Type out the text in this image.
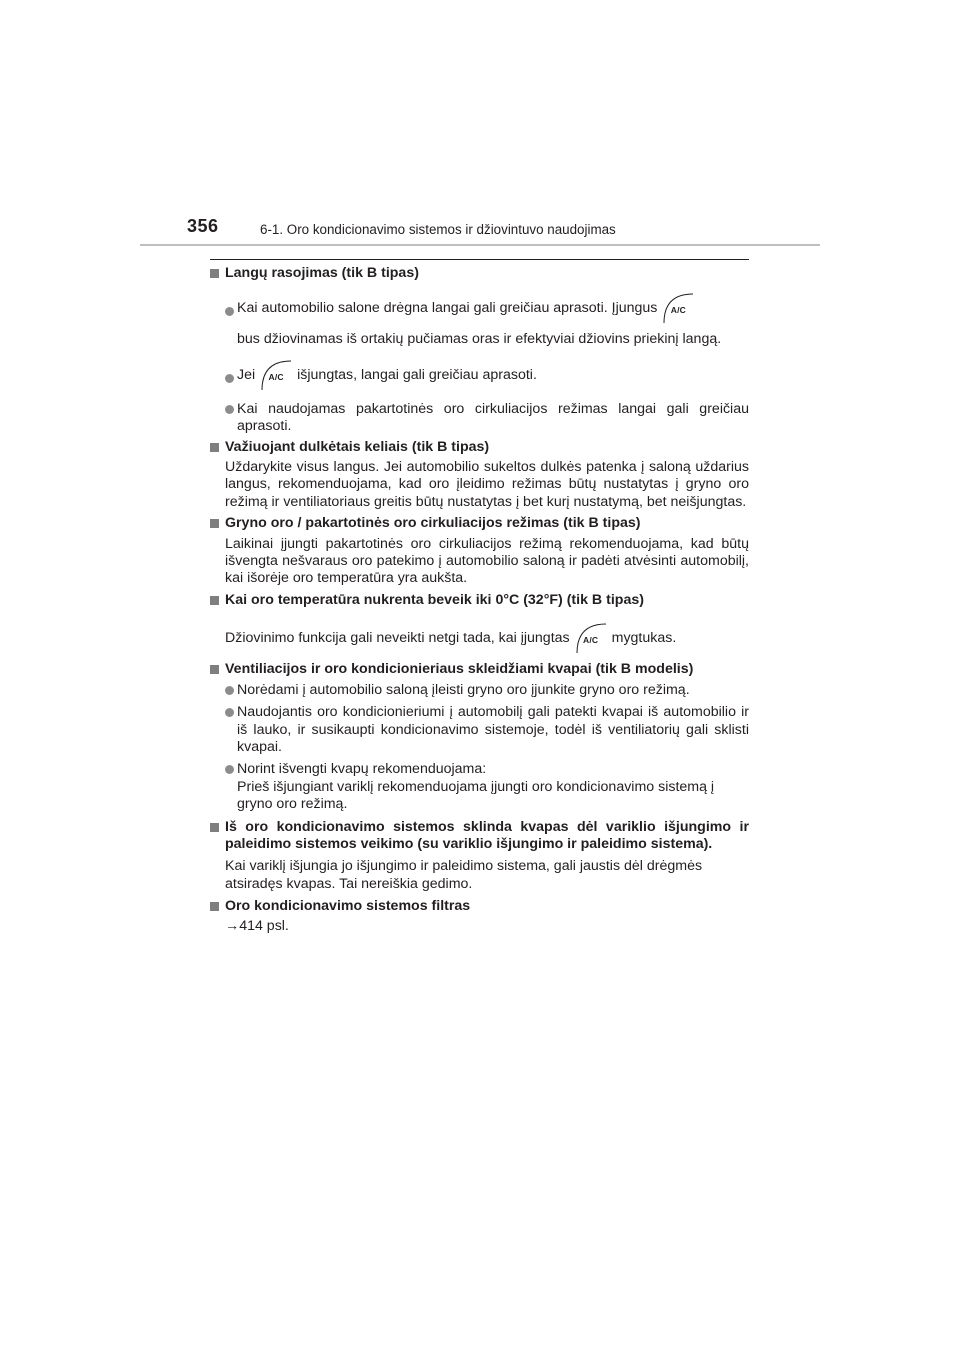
356	6-1. Oro kondicionavimo sistemos ir džiovintuvo naudojimas

Langų rasojimas (tik B tipas)

Kai automobilio salone drėgna langai gali greičiau aprasoti. Įjungus	A/C

bus džiovinamas iš ortakių pučiamas oras ir efektyviai džiovins priekinį langą.

Jei	A/C išjungtas, langai gali greičiau aprasoti.

Kai naudojamas pakartotinės oro cirkuliacijos režimas langai gali greičiau aprasoti.

Važiuojant dulkėtais keliais (tik B tipas)

Uždarykite visus langus. Jei automobilio sukeltos dulkės patenka į saloną uždarius langus, rekomenduojama, kad oro įleidimo režimas būtų nustatytas į gryno oro režimą ir ventiliatoriaus greitis būtų nustatytas į bet kurį nustatymą, bet neišjungtas.

Gryno oro / pakartotinės oro cirkuliacijos režimas (tik B tipas)

Laikinai įjungti pakartotinės oro cirkuliacijos režimą rekomenduojama, kad būtų išvengta nešvaraus oro patekimo į automobilio saloną ir padėti atvėsinti automobilį, kai išorėje oro temperatūra yra aukšta.

Kai oro temperatūra nukrenta beveik iki 0°C (32°F) (tik B tipas)

Džiovinimo funkcija gali neveikti netgi tada, kai įjungtas	A/C mygtukas.

Ventiliacijos ir oro kondicionieriaus skleidžiami kvapai (tik B modelis)

Norėdami į automobilio saloną įleisti gryno oro įjunkite gryno oro režimą.

Naudojantis oro kondicionieriumi į automobilį gali patekti kvapai iš automobilio ir iš lauko, ir susikaupti kondicionavimo sistemoje, todėl iš ventiliatorių gali sklisti kvapai.

Norint išvengti kvapų rekomenduojama:
Prieš išjungiant variklį rekomenduojama įjungti oro kondicionavimo sistemą į gryno oro režimą.

Iš oro kondicionavimo sistemos sklinda kvapas dėl variklio išjungimo ir paleidimo sistemos veikimo (su variklio išjungimo ir paleidimo sistema).

Kai variklį išjungia jo išjungimo ir paleidimo sistema, gali jaustis dėl drėgmės atsiradęs kvapas. Tai nereiškia gedimo.

Oro kondicionavimo sistemos filtras

→414 psl.
